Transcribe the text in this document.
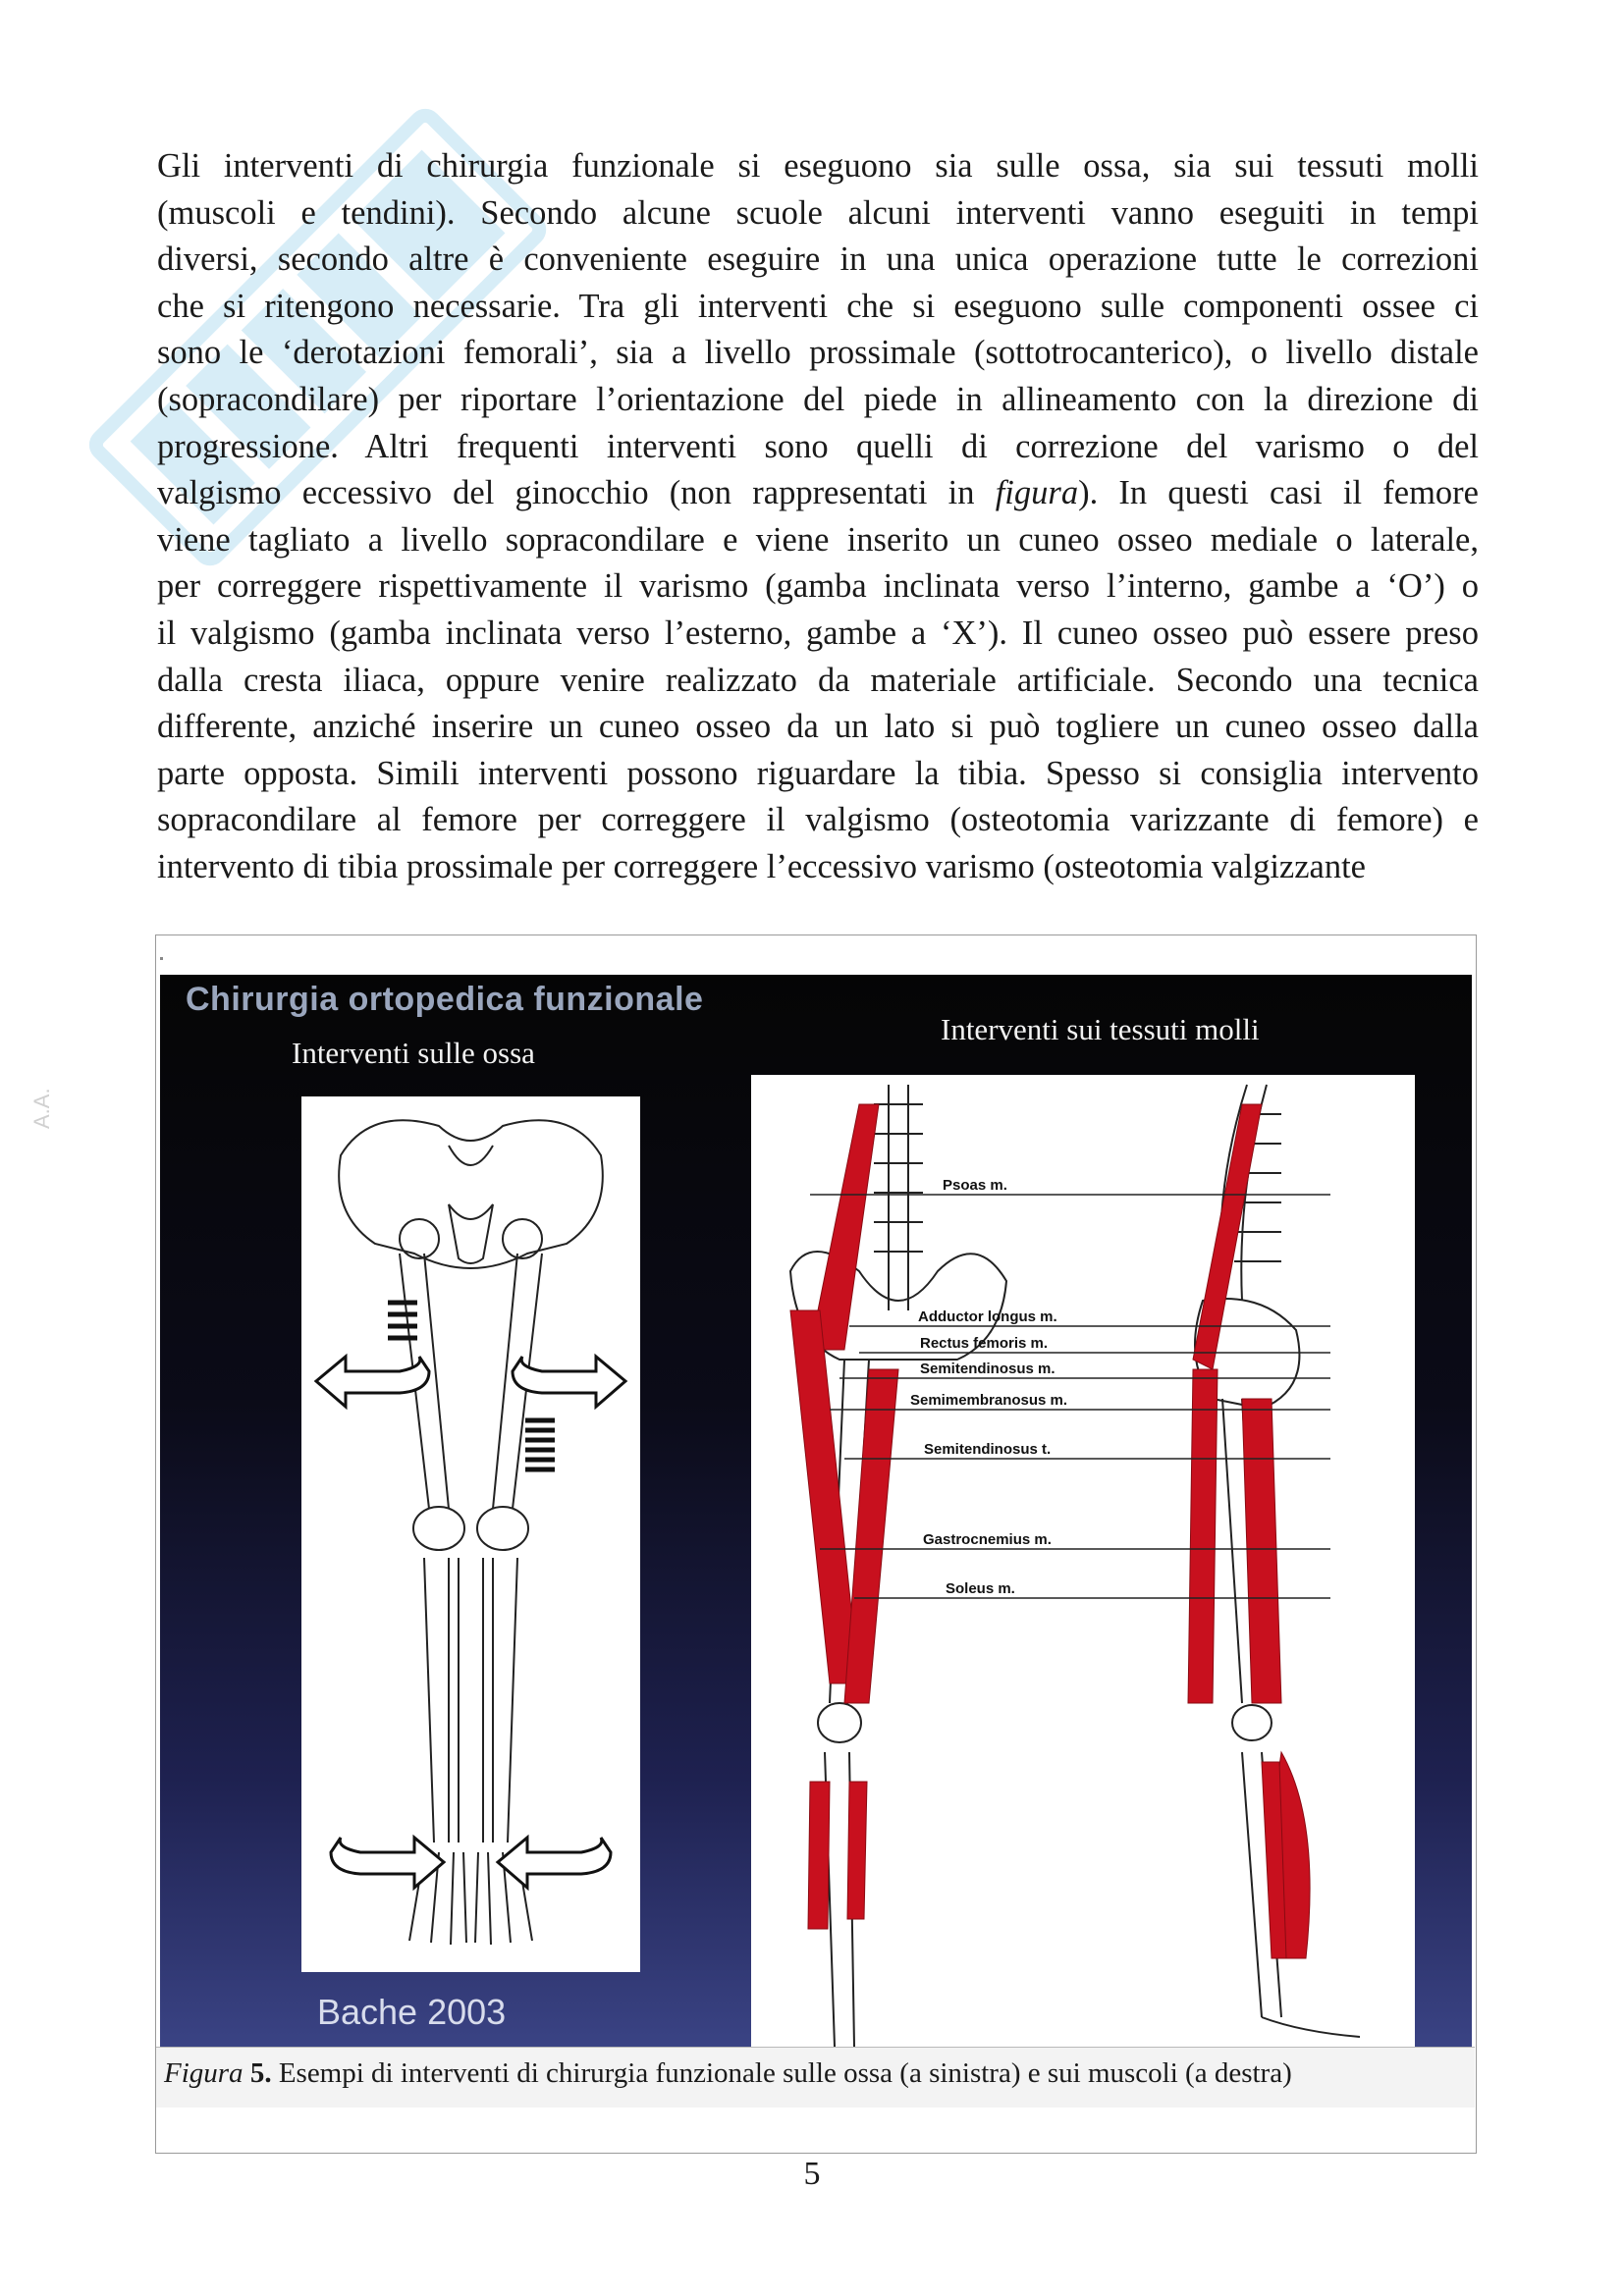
A.A.

Gli interventi di chirurgia funzionale si eseguono sia sulle ossa, sia sui tessuti molli
(muscoli e tendini). Secondo alcune scuole alcuni interventi vanno eseguiti in tempi
diversi, secondo altre è conveniente eseguire in una unica operazione tutte le correzioni
che si ritengono necessarie. Tra gli interventi che si eseguono sulle componenti ossee ci
sono le ‘derotazioni femorali’, sia a livello prossimale (sottotrocanterico), o livello distale
(sopracondilare) per riportare l’orientazione del piede in allineamento con la direzione di
progressione. Altri frequenti interventi sono quelli di correzione del varismo o del
valgismo eccessivo del ginocchio (non rappresentati in figura). In questi casi il femore
viene tagliato a livello sopracondilare e viene inserito un cuneo osseo mediale o laterale,
per correggere rispettivamente il varismo (gamba inclinata verso l’interno, gambe a ‘O’) o
il valgismo (gamba inclinata verso l’esterno, gambe a ‘X’). Il cuneo osseo può essere preso
dalla cresta iliaca, oppure venire realizzato da materiale artificiale. Secondo una tecnica
differente, anziché inserire un cuneo osseo da un lato si può togliere un cuneo osseo dalla
parte opposta. Simili interventi possono riguardare la tibia. Spesso si consiglia intervento
sopracondilare al femore per correggere il valgismo (osteotomia varizzante di femore) e
intervento di tibia prossimale per correggere l’eccessivo varismo (osteotomia valgizzante

Chirurgia ortopedica funzionale
Interventi sulle ossa
Interventi sui tessuti molli
Psoas m.
Adductor longus m.
Rectus femoris m.
Semitendinosus m.
Semimembranosus m.
Semitendinosus t.
Gastrocnemius m.
Soleus m.
Bache 2003
Figura 5. Esempi di interventi di chirurgia funzionale sulle ossa (a sinistra) e sui muscoli (a destra)
5
